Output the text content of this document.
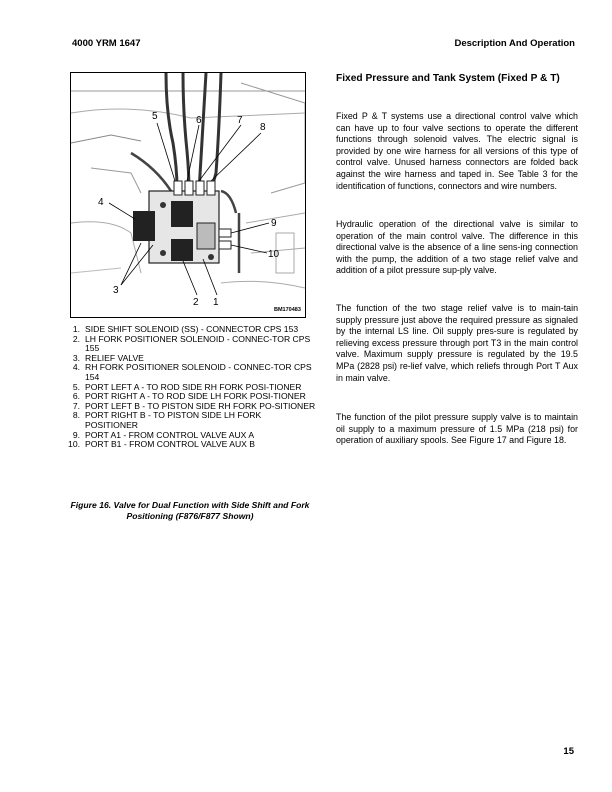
4000 YRM 1647	Description And Operation
5	6	7
8
4
9
10
3
2 1
BM170483
1. SIDE SHIFT SOLENOID (SS) - CONNECTOR CPS 153
2. LH FORK POSITIONER SOLENOID - CONNEC-TOR CPS 155
3. RELIEF VALVE
4. RH FORK POSITIONER SOLENOID - CONNEC-TOR CPS 154
5. PORT LEFT A - TO ROD SIDE RH FORK POSI-TIONER
6. PORT RIGHT A - TO ROD SIDE LH FORK POSI-TIONER
7. PORT LEFT B - TO PISTON SIDE RH FORK PO-SITIONER
8. PORT RIGHT B - TO PISTON SIDE LH FORK POSITIONER
9. PORT A1 - FROM CONTROL VALVE AUX A
10. PORT B1 - FROM CONTROL VALVE AUX B
Figure 16. Valve for Dual Function with Side Shift and Fork Positioning (F876/F877 Shown)
Fixed Pressure and Tank System (Fixed P & T)

Fixed P & T systems use a directional control valve which can have up to four valve sections to operate the different functions through solenoid valves. The electric signal is provided by one wire harness for all versions of this type of control valve. Unused harness connectors are folded back against the wire harness and taped in. See Table 3 for the identification of functions, connectors and wire numbers.

Hydraulic operation of the directional valve is similar to operation of the main control valve. The difference in this directional valve is the absence of a line sens-ing connection with the pump, the addition of a two stage relief valve and addition of a pilot pressure sup-ply valve.

The function of the two stage relief valve is to main-tain supply pressure just above the required pressure as signaled by the internal LS line. Oil supply pres-sure is regulated by relieving excess pressure through port T3 in the main control valve. Maximum supply pressure is regulated by the 19.5 MPa (2828 psi) re-lief valve, which reliefs through Port T Aux in main valve.

The function of the pilot pressure supply valve is to maintain oil supply to a maximum pressure of 1.5 MPa (218 psi) for operation of auxiliary spools. See Figure 17 and Figure 18.

15
